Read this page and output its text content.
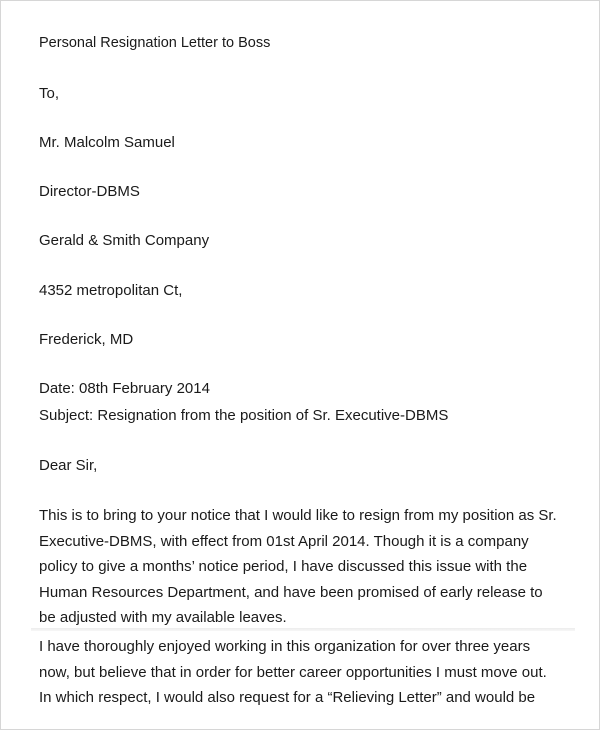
Personal Resignation Letter to Boss
To,
Mr. Malcolm Samuel
Director-DBMS
Gerald & Smith Company
4352 metropolitan Ct,
Frederick, MD
Date: 08th February 2014
Subject: Resignation from the position of Sr. Executive-DBMS
Dear Sir,
This is to bring to your notice that I would like to resign from my position as Sr.
Executive-DBMS, with effect from 01st April 2014. Though it is a company
policy to give a months’ notice period, I have discussed this issue with the
Human Resources Department, and have been promised of early release to
be adjusted with my available leaves.
I have thoroughly enjoyed working in this organization for over three years
now, but believe that in order for better career opportunities I must move out.
In which respect, I would also request for a “Relieving Letter” and would be
